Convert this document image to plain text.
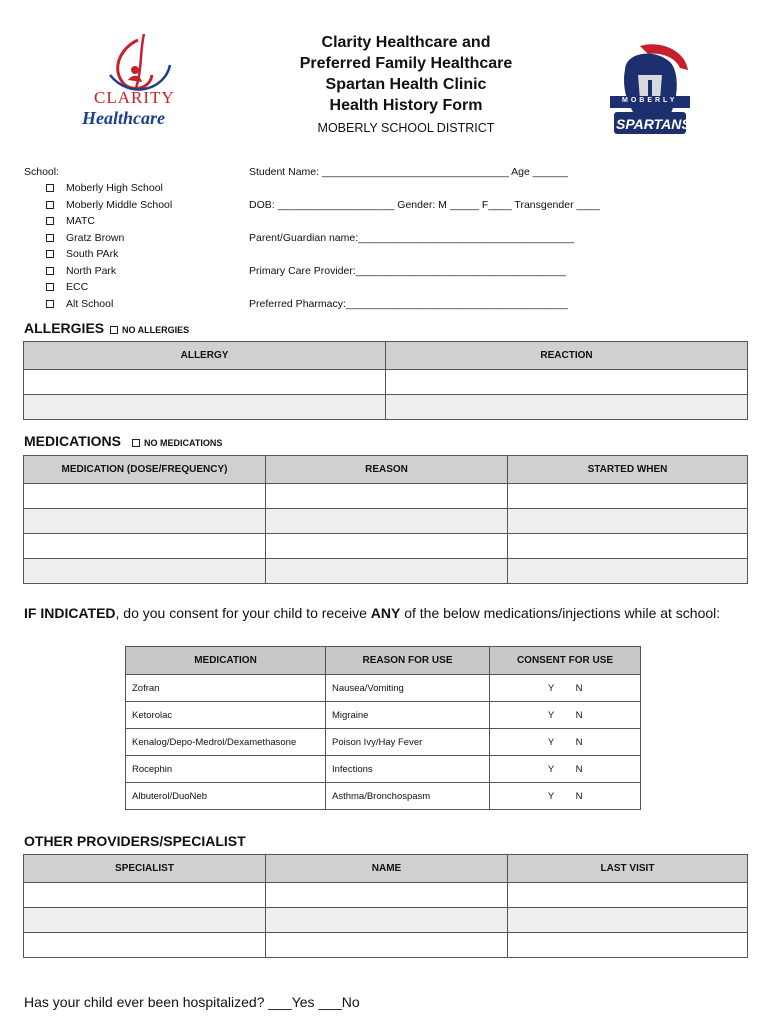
CLARITY
Healthcare
Clarity Healthcare and
Preferred Family Healthcare
Spartan Health Clinic
Health History Form
MOBERLY SCHOOL DISTRICT
MOBERLY
SPARTANS
School:
Moberly High School
Moberly Middle School
MATC
Gratz Brown
South PArk
North Park
ECC
Alt School
Student Name: ________________________________ Age ______
DOB: ____________________ Gender: M _____ F____ Transgender ____
Parent/Guardian name:_____________________________________
Primary Care Provider:____________________________________
Preferred Pharmacy:______________________________________
ALLERGIES	NO ALLERGIES
ALLERGY	REACTION

MEDICATIONS	NO MEDICATIONS
MEDICATION (DOSE/FREQUENCY)	REASON	STARTED WHEN

IF INDICATED, do you consent for your child to receive ANY of the below medications/injections while at school:
MEDICATION	REASON FOR USE	CONSENT FOR USE
Zofran	Nausea/Vomiting	Y N
Ketorolac	Migraine	Y N
Kenalog/Depo-Medrol/Dexamethasone	Poison Ivy/Hay Fever	Y N
Rocephin	Infections	Y N
Albuterol/DuoNeb	Asthma/Bronchospasm	Y N
OTHER PROVIDERS/SPECIALIST
SPECIALIST	NAME	LAST VISIT

Has your child ever been hospitalized? ___Yes ___No
